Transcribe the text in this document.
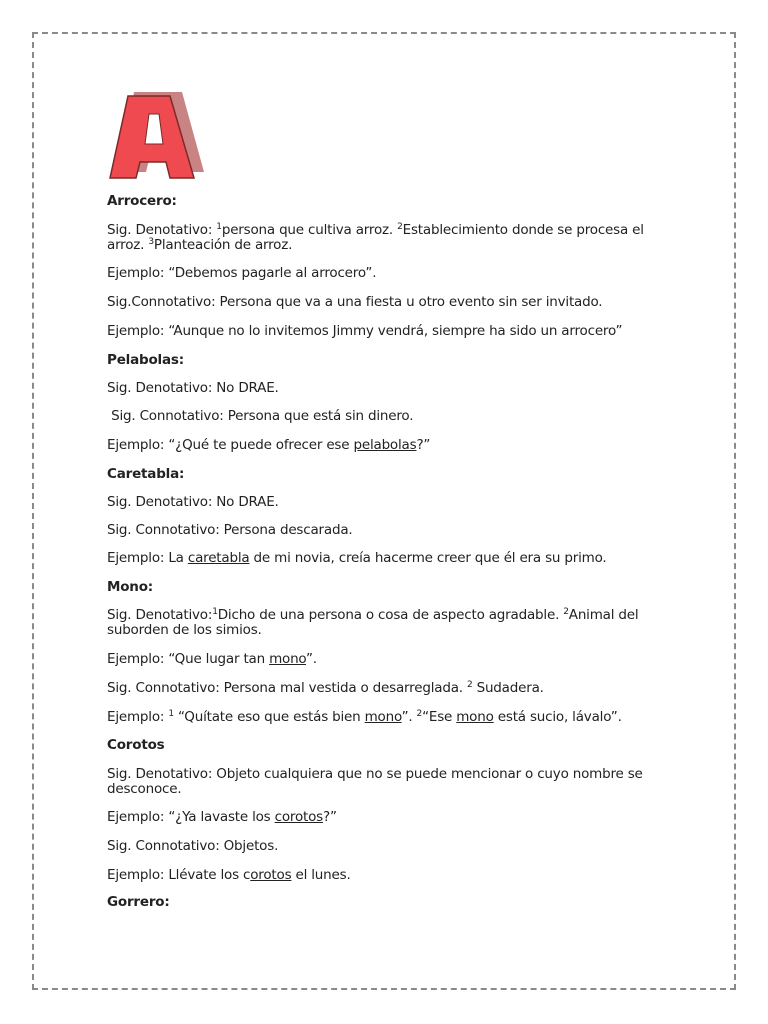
Arrocero:

Sig. Denotativo: $^1$persona que cultiva arroz. $^2$Establecimiento donde se procesa el arroz. $^3$Planteación de arroz.

Ejemplo: “Debemos pagarle al arrocero”.

Sig.Connotativo: Persona que va a una fiesta u otro evento sin ser invitado.

Ejemplo: “Aunque no lo invitemos Jimmy vendrá, siempre ha sido un arrocero”

Pelabolas:

Sig. Denotativo: No DRAE.

Sig. Connotativo: Persona que está sin dinero.

Ejemplo: “¿Qué te puede ofrecer ese pelabolas?”

Caretabla:

Sig. Denotativo: No DRAE.

Sig. Connotativo: Persona descarada.

Ejemplo: La caretabla de mi novia, creía hacerme creer que él era su primo.

Mono:

Sig. Denotativo:$^1$Dicho de una persona o cosa de aspecto agradable. $^2$Animal del suborden de los simios.

Ejemplo: “Que lugar tan mono”.

Sig. Connotativo: Persona mal vestida o desarreglada. $^2$ Sudadera.

Ejemplo: $^1$ “Quítate eso que estás bien mono”. $^2$“Ese mono está sucio, lávalo”.

Corotos

Sig. Denotativo: Objeto cualquiera que no se puede mencionar o cuyo nombre se desconoce.

Ejemplo: “¿Ya lavaste los corotos?”

Sig. Connotativo: Objetos.

Ejemplo: Llévate los corotos el lunes.

Gorrero:
